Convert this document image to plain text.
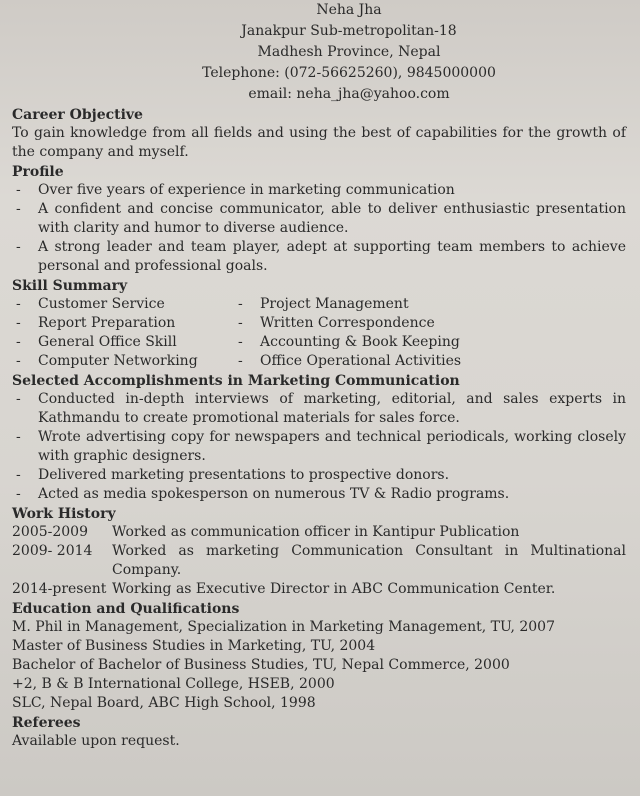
Neha Jha
Janakpur Sub-metropolitan-18
Madhesh Province, Nepal
Telephone: (072-56625260), 9845000000
email: neha_jha@yahoo.com
Career Objective
To gain knowledge from all fields and using the best of capabilities for the growth of the company and myself.
Profile
- Over five years of experience in marketing communication
- A confident and concise communicator, able to deliver enthusiastic presentation with clarity and humor to diverse audience.
- A strong leader and team player, adept at supporting team members to achieve personal and professional goals.
Skill Summary
- Customer Service
- Report Preparation
- General Office Skill
- Computer Networking
- Project Management
- Written Correspondence
- Accounting & Book Keeping
- Office Operational Activities
Selected Accomplishments in Marketing Communication
- Conducted in-depth interviews of marketing, editorial, and sales experts in Kathmandu to create promotional materials for sales force.
- Wrote advertising copy for newspapers and technical periodicals, working closely with graphic designers.
- Delivered marketing presentations to prospective donors.
- Acted as media spokesperson on numerous TV & Radio programs.
Work History
2005-2009	Worked as communication officer in Kantipur Publication
2009- 2014	Worked as marketing Communication Consultant in Multinational Company.
2014-present Working as Executive Director in ABC Communication Center.
Education and Qualifications
M. Phil in Management, Specialization in Marketing Management, TU, 2007
Master of Business Studies in Marketing, TU, 2004
Bachelor of Bachelor of Business Studies, TU, Nepal Commerce, 2000
+2, B & B International College, HSEB, 2000
SLC, Nepal Board, ABC High School, 1998
Referees
Available upon request.
